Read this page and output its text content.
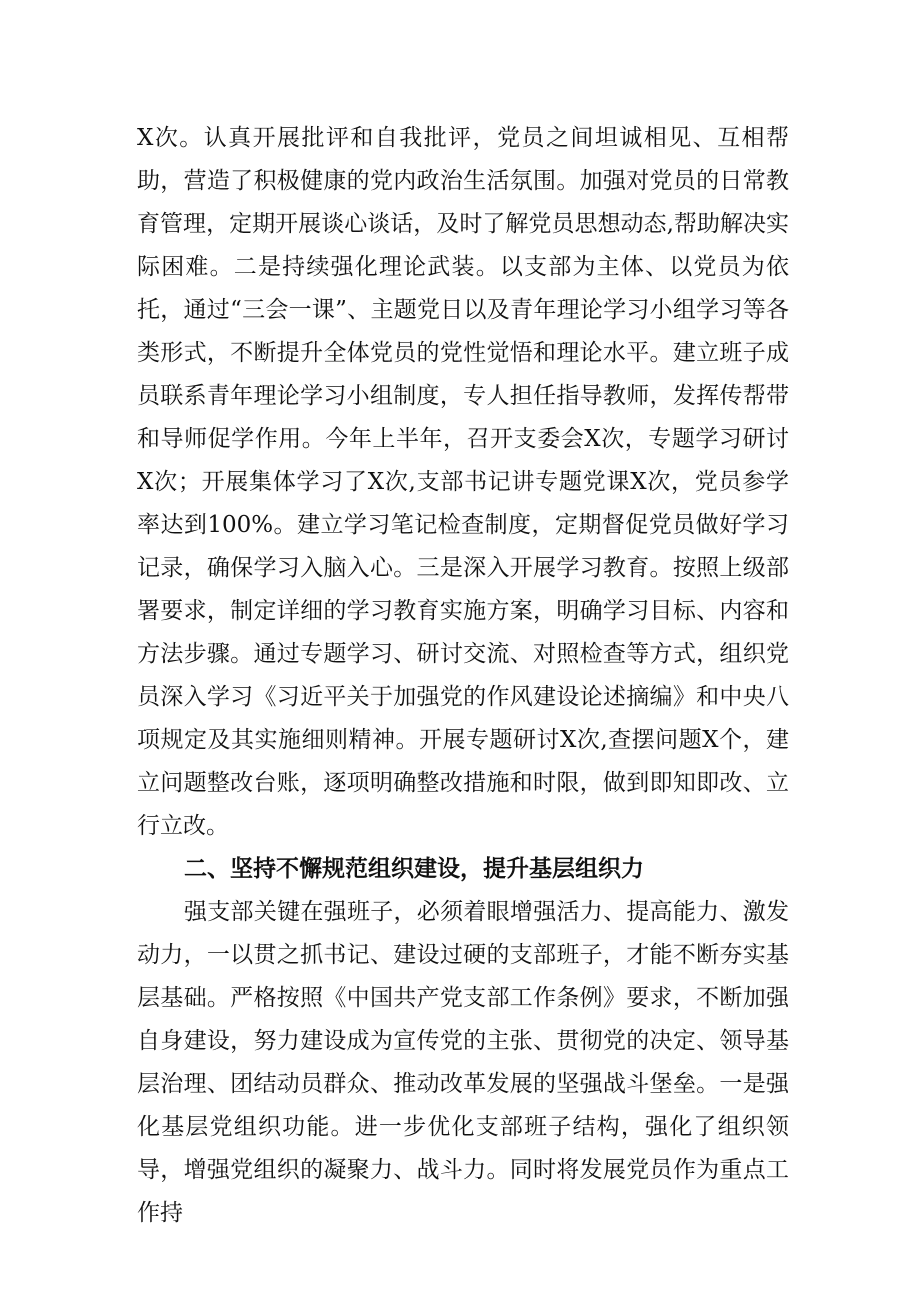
X次。认真开展批评和自我批评，党员之间坦诚相见、互相帮助，营造了积极健康的党内政治生活氛围。加强对党员的日常教育管理，定期开展谈心谈话，及时了解党员思想动态,帮助解决实际困难。二是持续强化理论武装。以支部为主体、以党员为依托，通过“三会一课”、主题党日以及青年理论学习小组学习等各类形式，不断提升全体党员的党性觉悟和理论水平。建立班子成员联系青年理论学习小组制度，专人担任指导教师，发挥传帮带和导师促学作用。今年上半年，召开支委会X次，专题学习研讨X次；开展集体学习了X次,支部书记讲专题党课X次，党员参学率达到100%。建立学习笔记检查制度，定期督促党员做好学习记录，确保学习入脑入心。三是深入开展学习教育。按照上级部署要求，制定详细的学习教育实施方案，明确学习目标、内容和方法步骤。通过专题学习、研讨交流、对照检查等方式，组织党员深入学习《习近平关于加强党的作风建设论述摘编》和中央八项规定及其实施细则精神。开展专题研讨X次,查摆问题X个，建立问题整改台账，逐项明确整改措施和时限，做到即知即改、立行立改。

二、坚持不懈规范组织建设，提升基层组织力

强支部关键在强班子，必须着眼增强活力、提高能力、激发动力，一以贯之抓书记、建设过硬的支部班子，才能不断夯实基层基础。严格按照《中国共产党支部工作条例》要求，不断加强自身建设，努力建设成为宣传党的主张、贯彻党的决定、领导基层治理、团结动员群众、推动改革发展的坚强战斗堡垒。一是强化基层党组织功能。进一步优化支部班子结构，强化了组织领导，增强党组织的凝聚力、战斗力。同时将发展党员作为重点工作持
